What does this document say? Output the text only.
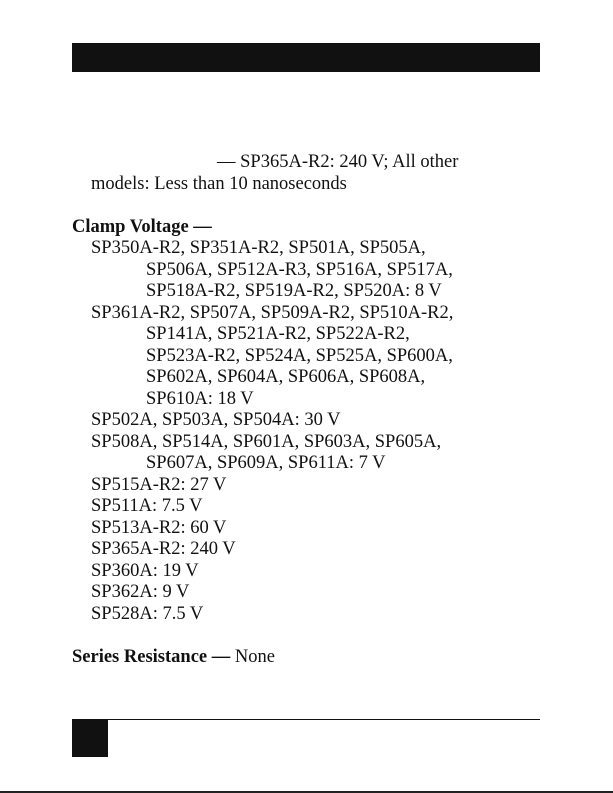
— SP365A-R2: 240 V; All other
models: Less than 10 nanoseconds
Clamp Voltage —
SP350A-R2, SP351A-R2, SP501A, SP505A,
SP506A, SP512A-R3, SP516A, SP517A,
SP518A-R2, SP519A-R2, SP520A: 8 V
SP361A-R2, SP507A, SP509A-R2, SP510A-R2,
SP141A, SP521A-R2, SP522A-R2,
SP523A-R2, SP524A, SP525A, SP600A,
SP602A, SP604A, SP606A, SP608A,
SP610A: 18 V
SP502A, SP503A, SP504A: 30 V
SP508A, SP514A, SP601A, SP603A, SP605A,
SP607A, SP609A, SP611A: 7 V
SP515A-R2: 27 V
SP511A: 7.5 V
SP513A-R2: 60 V
SP365A-R2: 240 V
SP360A: 19 V
SP362A: 9 V
SP528A: 7.5 V
Series Resistance — None
